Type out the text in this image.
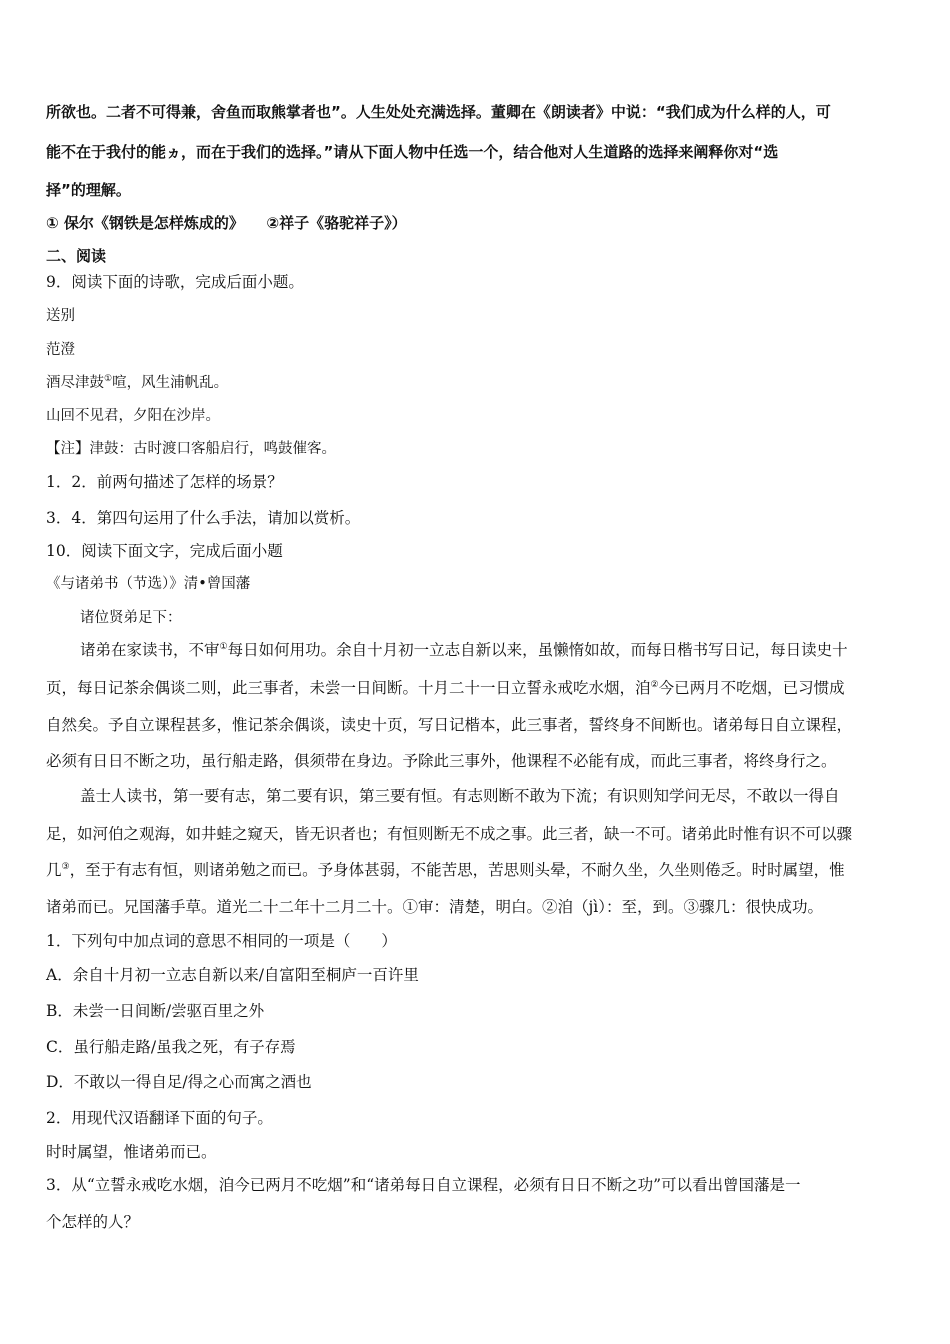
所欲也。二者不可得兼，舍鱼而取熊掌者也”。人生处处充满选择。董卿在《朗读者》中说：“我们成为什么样的人，可
能不在于我付的能ヵ，而在于我们的选择。”请从下面人物中任选一个，结合他对人生道路的选择来阐释你对“选
择”的理解。
① 保尔《钢铁是怎样炼成的》　　②祥子《骆驼祥子》）
二、阅读
9．阅读下面的诗歌，完成后面小题。
送别
范澄
酒尽津鼓①喧，风生浦帆乱。
山回不见君，夕阳在沙岸。
【注】津鼓：古时渡口客船启行，鸣鼓催客。
1．2．前两句描述了怎样的场景？
3．4．第四句运用了什么手法，请加以赏析。
10．阅读下面文字，完成后面小题
《与诸弟书（节选）》清•曾国藩
诸位贤弟足下：
诸弟在家读书，不审①每日如何用功。余自十月初一立志自新以来，虽懒惰如故，而每日楷书写日记，每日读史十
页，每日记茶余偶谈二则，此三事者，未尝一日间断。十月二十一日立誓永戒吃水烟，洎②今已两月不吃烟，已习惯成
自然矣。予自立课程甚多，惟记茶余偶谈，读史十页，写日记楷本，此三事者，誓终身不间断也。诸弟每日自立课程，
必须有日日不断之功，虽行船走路，俱须带在身边。予除此三事外，他课程不必能有成，而此三事者，将终身行之。
盖士人读书，第一要有志，第二要有识，第三要有恒。有志则断不敢为下流；有识则知学问无尽，不敢以一得自
足，如河伯之观海，如井蛙之窥天，皆无识者也；有恒则断无不成之事。此三者，缺一不可。诸弟此时惟有识不可以骤
几③，至于有志有恒，则诸弟勉之而已。予身体甚弱，不能苦思，苦思则头晕，不耐久坐，久坐则倦乏。时时属望，惟
诸弟而已。兄国藩手草。道光二十二年十二月二十。①审：清楚，明白。②洎（jì）：至，到。③骤几：很快成功。
1．下列句中加点词的意思不相同的一项是（　　）
A．余自十月初一立志自新以来/自富阳至桐庐一百许里
B．未尝一日间断/尝驱百里之外
C．虽行船走路/虽我之死，有子存焉
D．不敢以一得自足/得之心而寓之酒也
2．用现代汉语翻译下面的句子。
时时属望，惟诸弟而已。
3．从“立誓永戒吃水烟，洎今已两月不吃烟”和“诸弟每日自立课程，必须有日日不断之功”可以看出曾国藩是一
个怎样的人？
